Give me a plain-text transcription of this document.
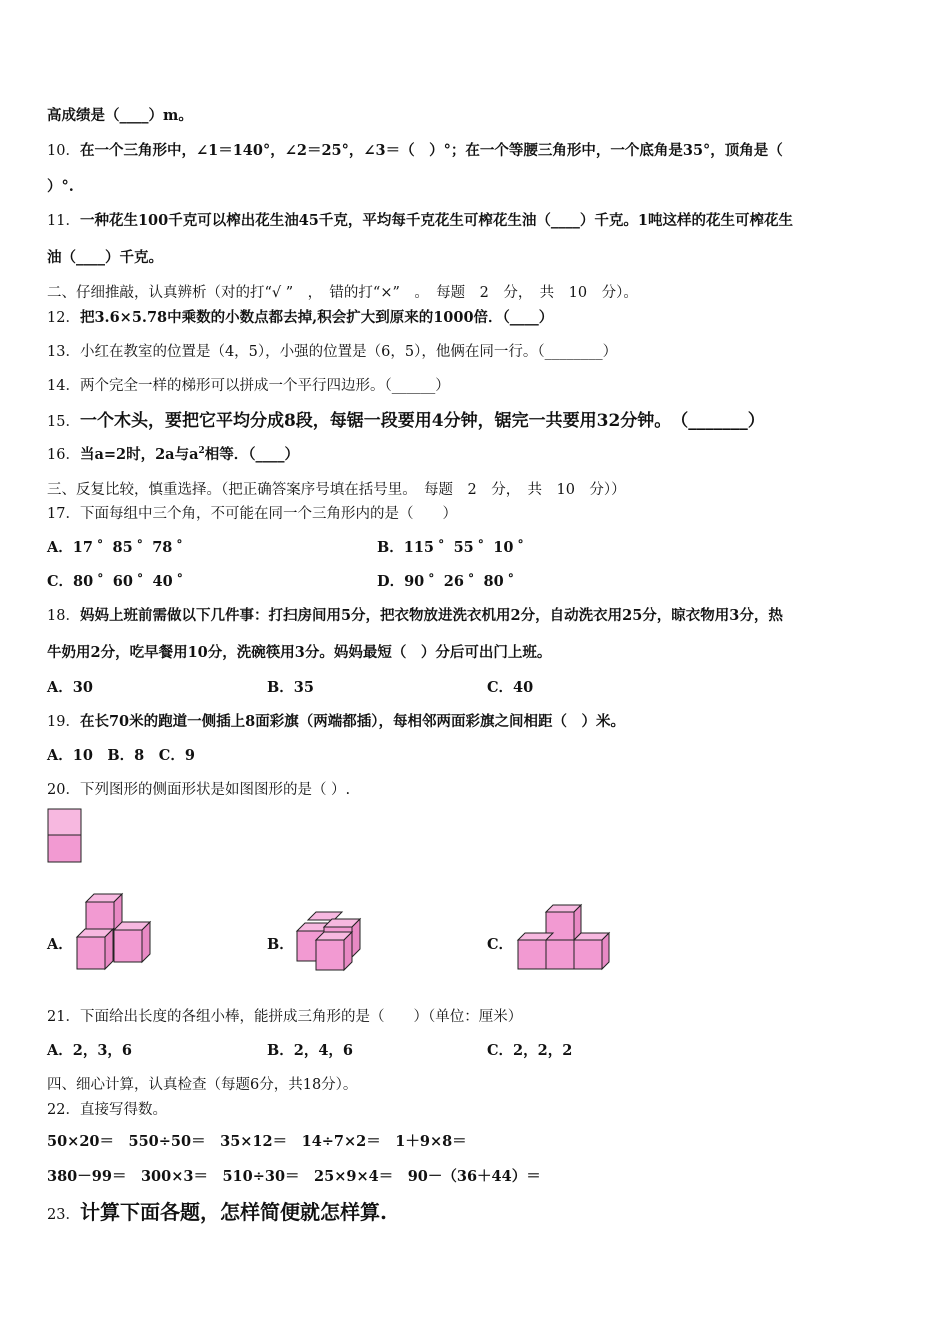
高成绩是（____）m。
10．在一个三角形中，∠1＝140°，∠2＝25°，∠3＝（　）°；在一个等腰三角形中，一个底角是35°，顶角是（
）°.
11．一种花生100千克可以榨出花生油45千克，平均每千克花生可榨花生油（____）千克。1吨这样的花生可榨花生
油（____）千克。
二、仔细推敲，认真辨析（对的打“√ ”　，　错的打“×”　。　每题　2　分，　共　10　分）。
12．把3.6×5.78中乘数的小数点都去掉,积会扩大到原来的1000倍．（____）
13．小红在教室的位置是（4，5），小强的位置是（6，5），他俩在同一行。（________）
14．两个完全一样的梯形可以拼成一个平行四边形。（______）
15．一个木头，要把它平均分成8段，每锯一段要用4分钟，锯完一共要用32分钟。　（_______）
16．当a=2时，2a与$a^2$相等．（____）
三、反复比较，慎重选择。（把正确答案序号填在括号里。　每题　2　分，　共　10　分））
17．下面每组中三个角，不可能在同一个三角形内的是（　　）
A．17 ゜85 ゜78 ゜	B．115 ゜55 ゜10 ゜
C．80 ゜60 ゜40 ゜	D．90 ゜26 ゜80 ゜
18．妈妈上班前需做以下几件事：打扫房间用5分，把衣物放进洗衣机用2分，自动洗衣用25分，晾衣物用3分，热
牛奶用2分，吃早餐用10分，洗碗筷用3分。妈妈最短（　）分后可出门上班。
A．30	B．35	C．40
19．在长70米的跑道一侧插上8面彩旗（两端都插），每相邻两面彩旗之间相距（　）米。
A．10　B．8　C．9
20．下列图形的侧面形状是如图图形的是（ ）.
A．	B．	C．
21．下面给出长度的各组小棒，能拼成三角形的是（　　）（单位：厘米）
A．2，3，6	B．2，4，6	C．2，2，2
四、细心计算，认真检查（每题6分，共18分）。
22．直接写得数。
50×20＝　550÷50＝　35×12＝　14÷7×2＝　1＋9×8＝
380－99＝　300×3＝　510÷30＝　25×9×4＝　90－（36＋44）＝
23．计算下面各题，怎样简便就怎样算.
